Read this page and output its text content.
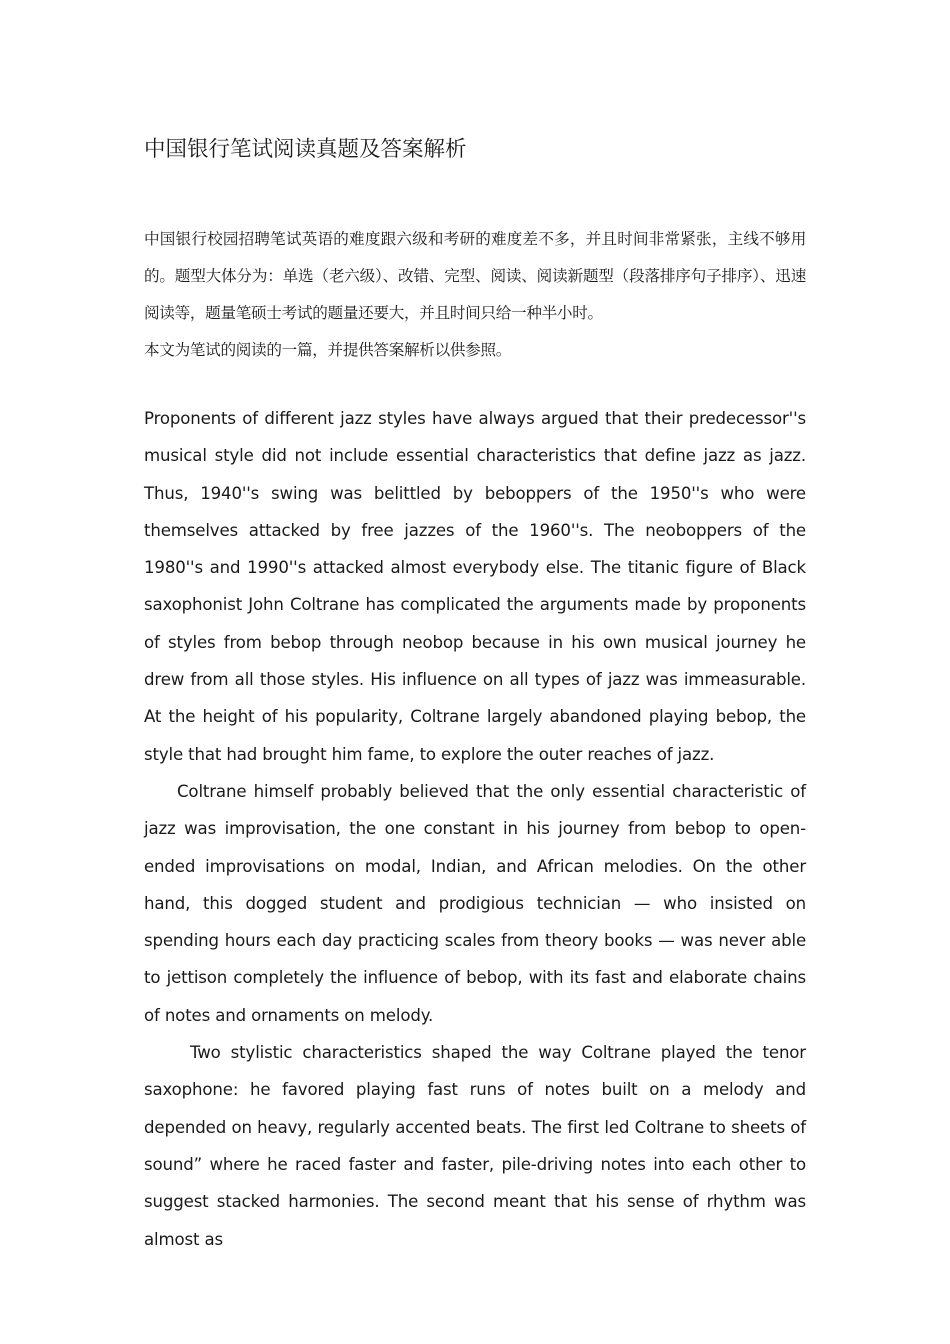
中国银行笔试阅读真题及答案解析

中国银行校园招聘笔试英语的难度跟六级和考研的难度差不多，并且时间非常紧张，主线不够用的。题型大体分为：单选（老六级）、改错、完型、阅读、阅读新题型（段落排序句子排序）、迅速阅读等，题量笔硕士考试的题量还要大，并且时间只给一种半小时。

本文为笔试的阅读的一篇，并提供答案解析以供参照。

Proponents of different jazz styles have always argued that their predecessor''s musical style did not include essential characteristics that define jazz as jazz. Thus, 1940''s swing was belittled by beboppers of the 1950''s who were themselves attacked by free jazzes of the 1960''s. The neoboppers of the 1980''s and 1990''s attacked almost everybody else. The titanic figure of Black saxophonist John Coltrane has complicated the arguments made by proponents of styles from bebop through neobop because in his own musical journey he drew from all those styles. His influence on all types of jazz was immeasurable. At the height of his popularity, Coltrane largely abandoned playing bebop, the style that had brought him fame, to explore the outer reaches of jazz.

Coltrane himself probably believed that the only essential characteristic of jazz was improvisation, the one constant in his journey from bebop to open-ended improvisations on modal, Indian, and African melodies. On the other hand, this dogged student and prodigious technician — who insisted on spending hours each day practicing scales from theory books — was never able to jettison completely the influence of bebop, with its fast and elaborate chains of notes and ornaments on melody.

Two stylistic characteristics shaped the way Coltrane played the tenor saxophone: he favored playing fast runs of notes built on a melody and depended on heavy, regularly accented beats. The first led Coltrane to sheets of sound” where he raced faster and faster, pile-driving notes into each other to suggest stacked harmonies. The second meant that his sense of rhythm was almost as
